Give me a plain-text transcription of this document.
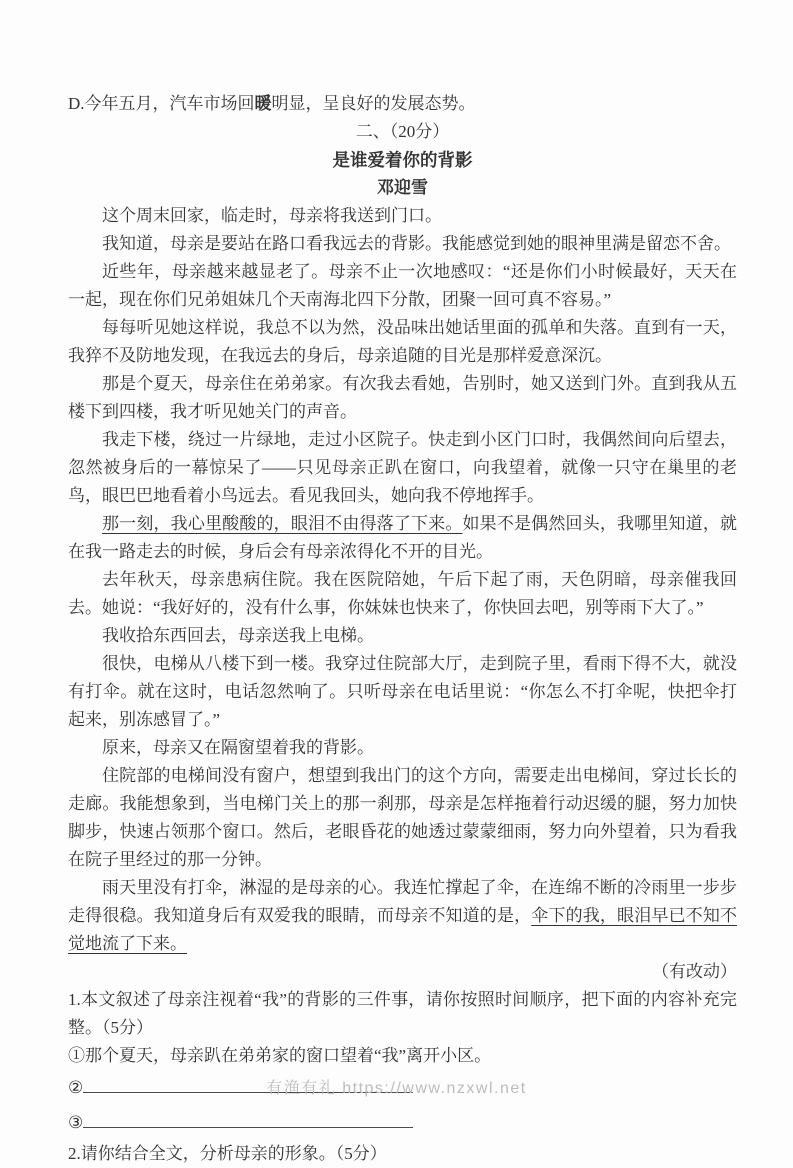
D.今年五月，汽车市场回暖明显，呈良好的发展态势。

二、（20分）

是谁爱着你的背影

邓迎雪

这个周末回家，临走时，母亲将我送到门口。

我知道，母亲是要站在路口看我远去的背影。我能感觉到她的眼神里满是留恋不舍。

近些年，母亲越来越显老了。母亲不止一次地感叹：“还是你们小时候最好，天天在一起，现在你们兄弟姐妹几个天南海北四下分散，团聚一回可真不容易。”

每每听见她这样说，我总不以为然，没品味出她话里面的孤单和失落。直到有一天，我猝不及防地发现，在我远去的身后，母亲追随的目光是那样爱意深沉。

那是个夏天，母亲住在弟弟家。有次我去看她，告别时，她又送到门外。直到我从五楼下到四楼，我才听见她关门的声音。

我走下楼，绕过一片绿地，走过小区院子。快走到小区门口时，我偶然间向后望去，忽然被身后的一幕惊呆了——只见母亲正趴在窗口，向我望着，就像一只守在巢里的老鸟，眼巴巴地看着小鸟远去。看见我回头，她向我不停地挥手。

那一刻，我心里酸酸的，眼泪不由得落了下来。如果不是偶然回头，我哪里知道，就在我一路走去的时候，身后会有母亲浓得化不开的目光。

去年秋天，母亲患病住院。我在医院陪她，午后下起了雨，天色阴暗，母亲催我回去。她说：“我好好的，没有什么事，你妹妹也快来了，你快回去吧，别等雨下大了。”

我收拾东西回去，母亲送我上电梯。

很快，电梯从八楼下到一楼。我穿过住院部大厅，走到院子里，看雨下得不大，就没有打伞。就在这时，电话忽然响了。只听母亲在电话里说：“你怎么不打伞呢，快把伞打起来，别冻感冒了。”

原来，母亲又在隔窗望着我的背影。

住院部的电梯间没有窗户，想望到我出门的这个方向，需要走出电梯间，穿过长长的走廊。我能想象到，当电梯门关上的那一刹那，母亲是怎样拖着行动迟缓的腿，努力加快脚步，快速占领那个窗口。然后，老眼昏花的她透过蒙蒙细雨，努力向外望着，只为看我在院子里经过的那一分钟。

雨天里没有打伞，淋湿的是母亲的心。我连忙撑起了伞，在连绵不断的冷雨里一步步走得很稳。我知道身后有双爱我的眼睛，而母亲不知道的是，伞下的我，眼泪早已不知不觉地流了下来。

（有改动）

1.本文叙述了母亲注视着“我”的背影的三件事，请你按照时间顺序，把下面的内容补充完整。（5分）

①那个夏天，母亲趴在弟弟家的窗口望着“我”离开小区。

②

③

2.请你结合全文，分析母亲的形象。（5分）

有渔有礼 https://www.nzxwl.net
